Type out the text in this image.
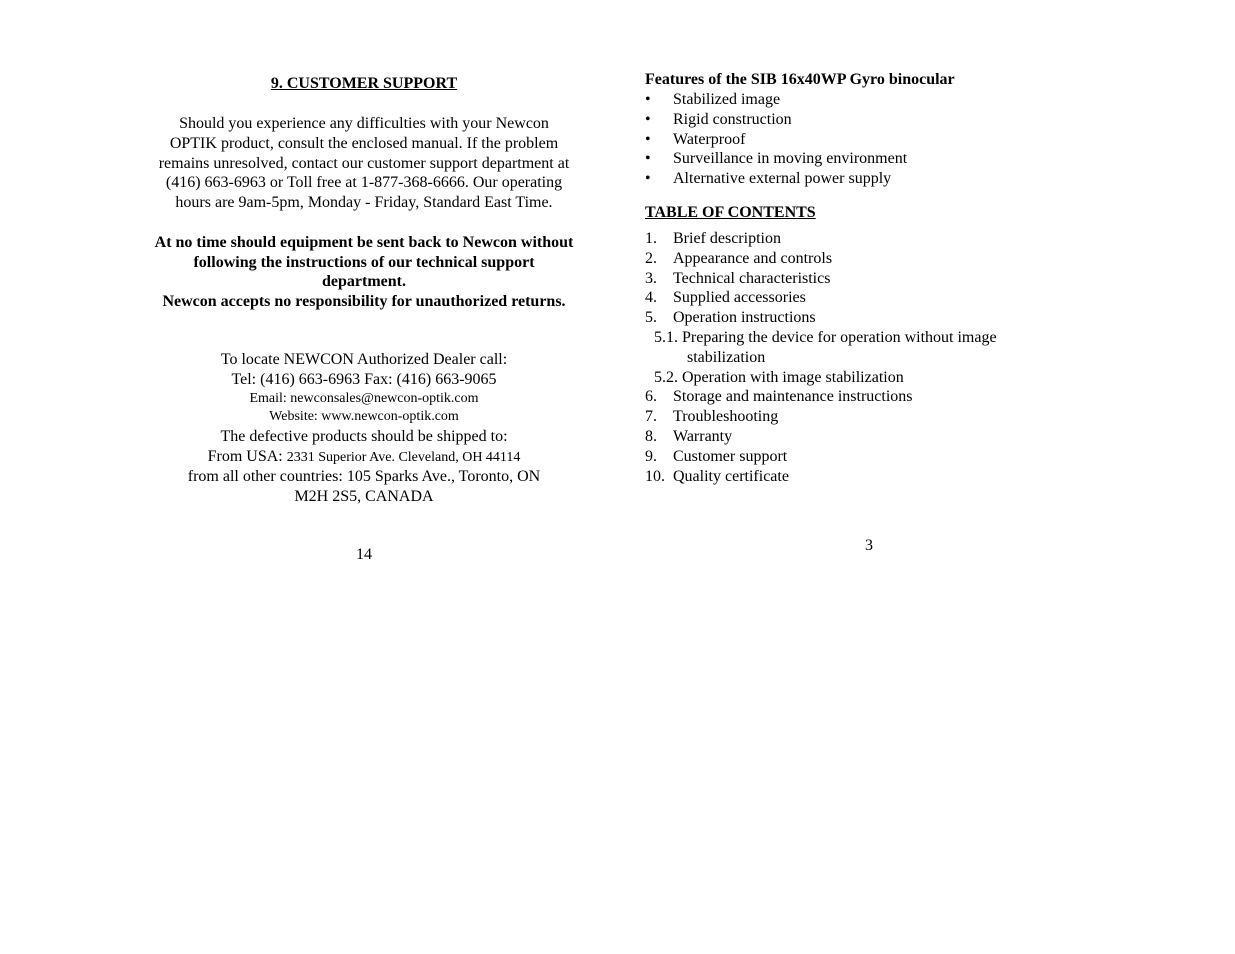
9. CUSTOMER SUPPORT

Should you experience any difficulties with your Newcon
OPTIK product, consult the enclosed manual. If the problem
remains unresolved, contact our customer support department at
(416) 663-6963 or Toll free at 1-877-368-6666. Our operating
hours are 9am-5pm, Monday - Friday, Standard East Time.

At no time should equipment be sent back to Newcon without
following the instructions of our technical support
department.
Newcon accepts no responsibility for unauthorized returns.

To locate NEWCON Authorized Dealer call:
Tel: (416) 663-6963 Fax: (416) 663-9065
Email: newconsales@newcon-optik.com
Website: www.newcon-optik.com
The defective products should be shipped to:
From USA: 2331 Superior Ave. Cleveland, OH 44114
from all other countries: 105 Sparks Ave., Toronto, ON
M2H 2S5, CANADA
14

Features of the SIB 16x40WP Gyro binocular

• Stabilized image
• Rigid construction
• Waterproof
• Surveillance in moving environment
• Alternative external power supply

TABLE OF CONTENTS

1. Brief description
2. Appearance and controls
3. Technical characteristics
4. Supplied accessories
5. Operation instructions
5.1. Preparing the device for operation without image
stabilization
5.2. Operation with image stabilization
6. Storage and maintenance instructions
7. Troubleshooting
8. Warranty
9. Customer support
10. Quality certificate
3
